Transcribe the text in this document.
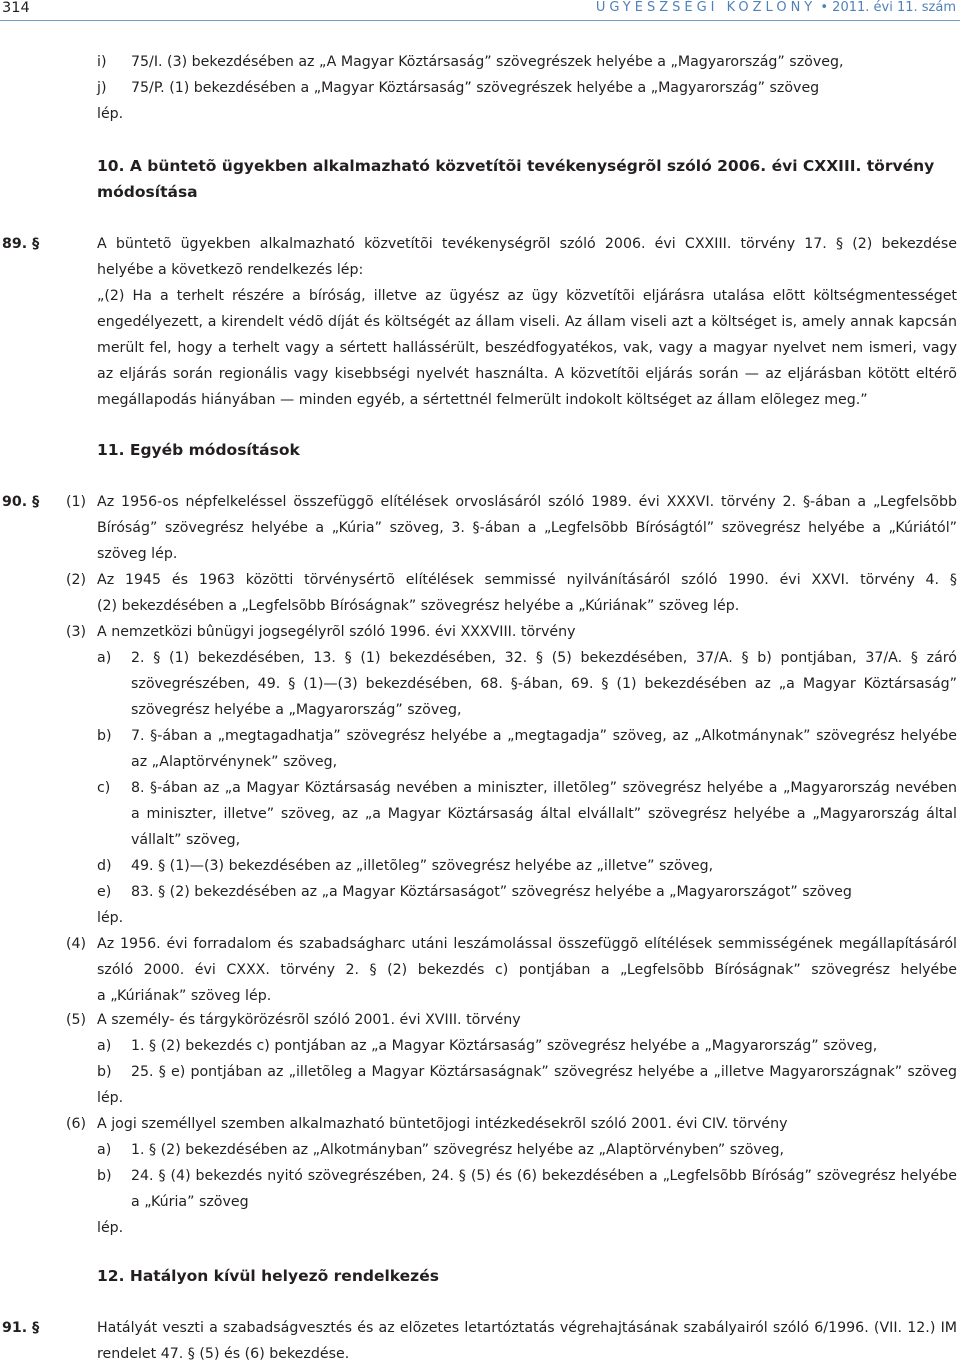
314	ÜGYÉSZSÉGI KÖZLÖNY • 2011. évi 11. szám
i) 75/I. (3) bekezdésében az „A Magyar Köztársaság” szövegrészek helyébe a „Magyarország” szöveg,
j) 75/P. (1) bekezdésében a „Magyar Köztársaság” szövegrészek helyébe a „Magyarország” szöveg
lép.
10. A büntetõ ügyekben alkalmazható közvetítõi tevékenységrõl szóló 2006. évi CXXIII. törvény
módosítása
89. §	A büntetõ ügyekben alkalmazható közvetítõi tevékenységrõl szóló 2006. évi CXXIII. törvény 17. § (2) bekezdése
helyébe a következõ rendelkezés lép:
„(2) Ha a terhelt részére a bíróság, illetve az ügyész az ügy közvetítõi eljárásra utalása elõtt költségmentességet
engedélyezett, a kirendelt védõ díját és költségét az állam viseli. Az állam viseli azt a költséget is, amely annak kapcsán
merült fel, hogy a terhelt vagy a sértett hallássérült, beszédfogyatékos, vak, vagy a magyar nyelvet nem ismeri, vagy
az eljárás során regionális vagy kisebbségi nyelvét használta. A közvetítõi eljárás során — az eljárásban kötött eltérõ
megállapodás hiányában — minden egyéb, a sértettnél felmerült indokolt költséget az állam elõlegez meg.”
11. Egyéb módosítások
90. § (1) Az 1956-os népfelkeléssel összefüggõ elítélések orvoslásáról szóló 1989. évi XXXVI. törvény 2. §-ában a „Legfelsõbb
Bíróság” szövegrész helyébe a „Kúria” szöveg, 3. §-ában a „Legfelsõbb Bíróságtól” szövegrész helyébe a „Kúriától”
szöveg lép.
(2) Az 1945 és 1963 közötti törvénysértõ elítélések semmissé nyilvánításáról szóló 1990. évi XXVI. törvény 4. §
(2) bekezdésében a „Legfelsõbb Bíróságnak” szövegrész helyébe a „Kúriának” szöveg lép.
(3) A nemzetközi bûnügyi jogsegélyrõl szóló 1996. évi XXXVIII. törvény
a) 2. § (1) bekezdésében, 13. § (1) bekezdésében, 32. § (5) bekezdésében, 37/A. § b) pontjában, 37/A. § záró
szövegrészében, 49. § (1)—(3) bekezdésében, 68. §-ában, 69. § (1) bekezdésében az „a Magyar Köztársaság”
szövegrész helyébe a „Magyarország” szöveg,
b) 7. §-ában a „megtagadhatja” szövegrész helyébe a „megtagadja” szöveg, az „Alkotmánynak” szövegrész helyébe
az „Alaptörvénynek” szöveg,
c) 8. §-ában az „a Magyar Köztársaság nevében a miniszter, illetõleg” szövegrész helyébe a „Magyarország nevében
a miniszter, illetve” szöveg, az „a Magyar Köztársaság által elvállalt” szövegrész helyébe a „Magyarország által
vállalt” szöveg,
d) 49. § (1)—(3) bekezdésében az „illetõleg” szövegrész helyébe az „illetve” szöveg,
e) 83. § (2) bekezdésében az „a Magyar Köztársaságot” szövegrész helyébe a „Magyarországot” szöveg
lép.
(4) Az 1956. évi forradalom és szabadságharc utáni leszámolással összefüggõ elítélések semmisségének megállapításáról
szóló 2000. évi CXXX. törvény 2. § (2) bekezdés c) pontjában a „Legfelsõbb Bíróságnak” szövegrész helyébe
a „Kúriának” szöveg lép.
(5) A személy- és tárgykörözésrõl szóló 2001. évi XVIII. törvény
a) 1. § (2) bekezdés c) pontjában az „a Magyar Köztársaság” szövegrész helyébe a „Magyarország” szöveg,
b) 25. § e) pontjában az „illetõleg a Magyar Köztársaságnak” szövegrész helyébe a „illetve Magyarországnak” szöveg
lép.
(6) A jogi személlyel szemben alkalmazható büntetõjogi intézkedésekrõl szóló 2001. évi CIV. törvény
a) 1. § (2) bekezdésében az „Alkotmányban” szövegrész helyébe az „Alaptörvényben” szöveg,
b) 24. § (4) bekezdés nyitó szövegrészében, 24. § (5) és (6) bekezdésében a „Legfelsõbb Bíróság” szövegrész helyébe
a „Kúria” szöveg
lép.
12. Hatályon kívül helyezõ rendelkezés
91. §	Hatályát veszti a szabadságvesztés és az elõzetes letartóztatás végrehajtásának szabályairól szóló 6/1996. (VII. 12.) IM
rendelet 47. § (5) és (6) bekezdése.
